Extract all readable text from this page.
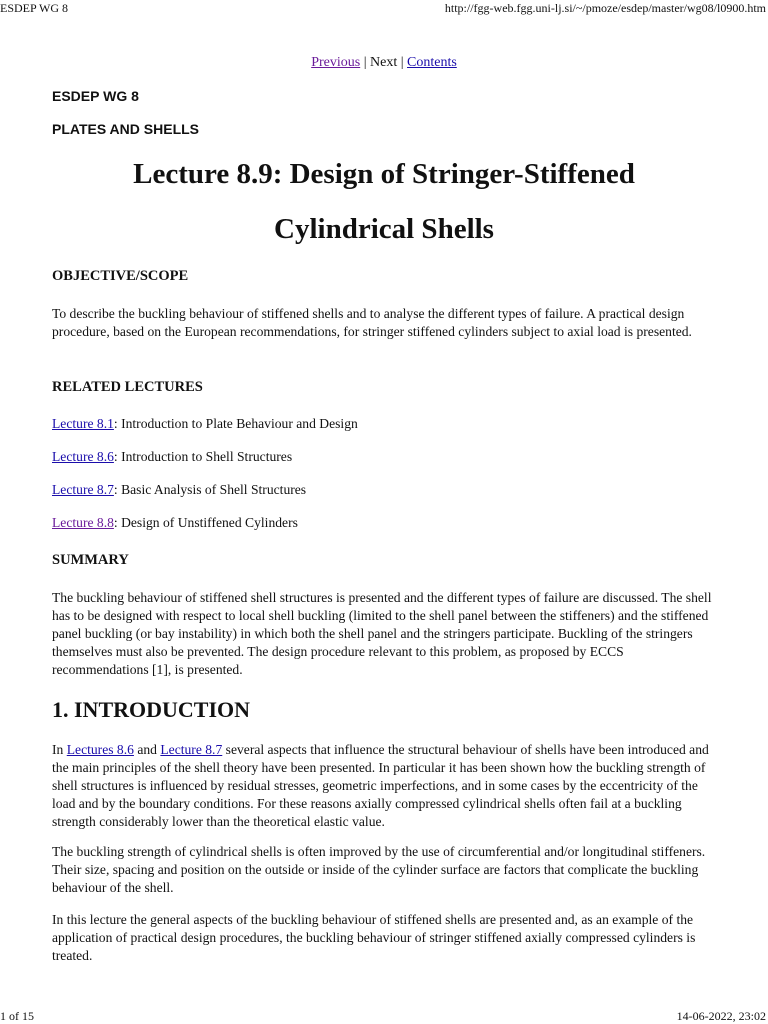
ESDEP WG 8	http://fgg-web.fgg.uni-lj.si/~/pmoze/esdep/master/wg08/l0900.htm
Previous | Next | Contents
ESDEP WG 8
PLATES AND SHELLS
Lecture 8.9: Design of Stringer-Stiffened
Cylindrical Shells
OBJECTIVE/SCOPE

To describe the buckling behaviour of stiffened shells and to analyse the different types of failure. A practical design procedure, based on the European recommendations, for stringer stiffened cylinders subject to axial load is presented.

RELATED LECTURES
Lecture 8.1: Introduction to Plate Behaviour and Design
Lecture 8.6: Introduction to Shell Structures
Lecture 8.7: Basic Analysis of Shell Structures
Lecture 8.8: Design of Unstiffened Cylinders
SUMMARY

The buckling behaviour of stiffened shell structures is presented and the different types of failure are discussed. The shell has to be designed with respect to local shell buckling (limited to the shell panel between the stiffeners) and the stiffened panel buckling (or bay instability) in which both the shell panel and the stringers participate. Buckling of the stringers themselves must also be prevented. The design procedure relevant to this problem, as proposed by ECCS recommendations [1], is presented.

1. INTRODUCTION

In Lectures 8.6 and Lecture 8.7 several aspects that influence the structural behaviour of shells have been introduced and the main principles of the shell theory have been presented. In particular it has been shown how the buckling strength of shell structures is influenced by residual stresses, geometric imperfections, and in some cases by the eccentricity of the load and by the boundary conditions. For these reasons axially compressed cylindrical shells often fail at a buckling strength considerably lower than the theoretical elastic value.

The buckling strength of cylindrical shells is often improved by the use of circumferential and/or longitudinal stiffeners. Their size, spacing and position on the outside or inside of the cylinder surface are factors that complicate the buckling behaviour of the shell.

In this lecture the general aspects of the buckling behaviour of stiffened shells are presented and, as an example of the application of practical design procedures, the buckling behaviour of stringer stiffened axially compressed cylinders is treated.

1 of 15	14-06-2022, 23:02
